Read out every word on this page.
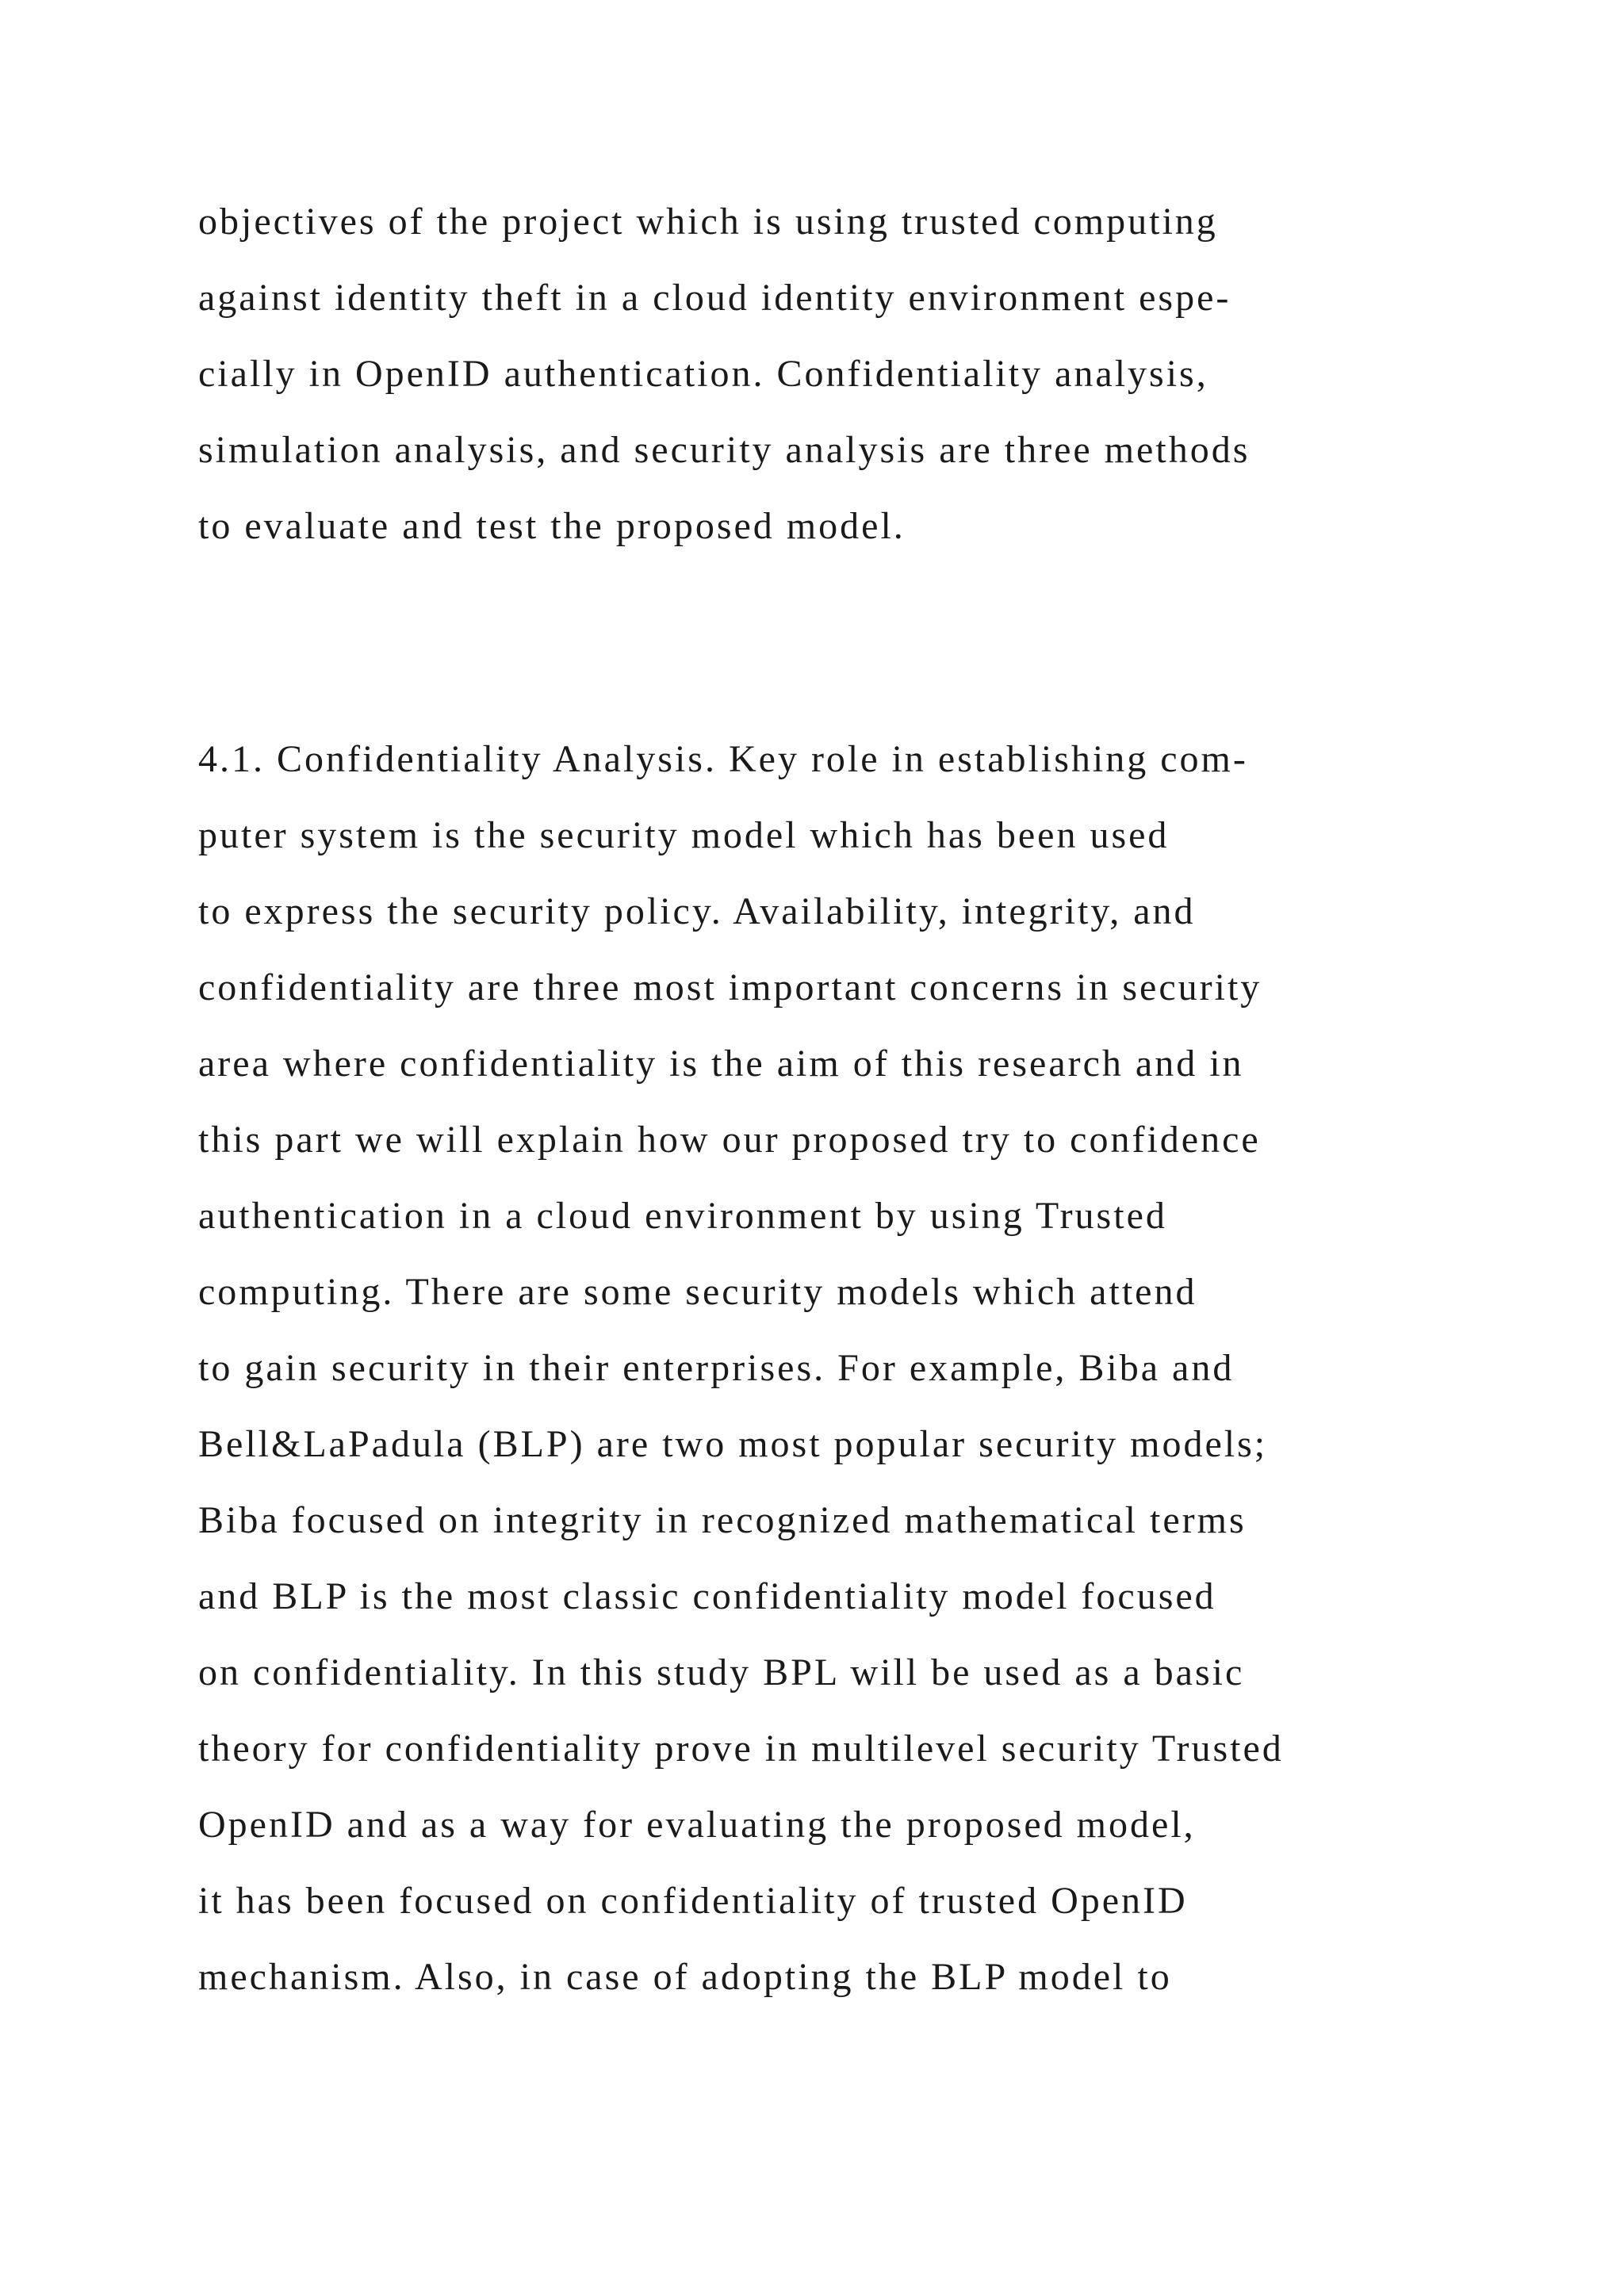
objectives of the project which is using trusted computing

against identity theft in a cloud identity environment espe-

cially in OpenID authentication. Confidentiality analysis,

simulation analysis, and security analysis are three methods

to evaluate and test the proposed model.

4.1. Confidentiality Analysis. Key role in establishing com-

puter system is the security model which has been used

to express the security policy. Availability, integrity, and

confidentiality are three most important concerns in security

area where confidentiality is the aim of this research and in

this part we will explain how our proposed try to confidence

authentication in a cloud environment by using Trusted

computing. There are some security models which attend

to gain security in their enterprises. For example, Biba and

Bell&LaPadula (BLP) are two most popular security models;

Biba focused on integrity in recognized mathematical terms

and BLP is the most classic confidentiality model focused

on confidentiality. In this study BPL will be used as a basic

theory for confidentiality prove in multilevel security Trusted

OpenID and as a way for evaluating the proposed model,

it has been focused on confidentiality of trusted OpenID

mechanism. Also, in case of adopting the BLP model to
